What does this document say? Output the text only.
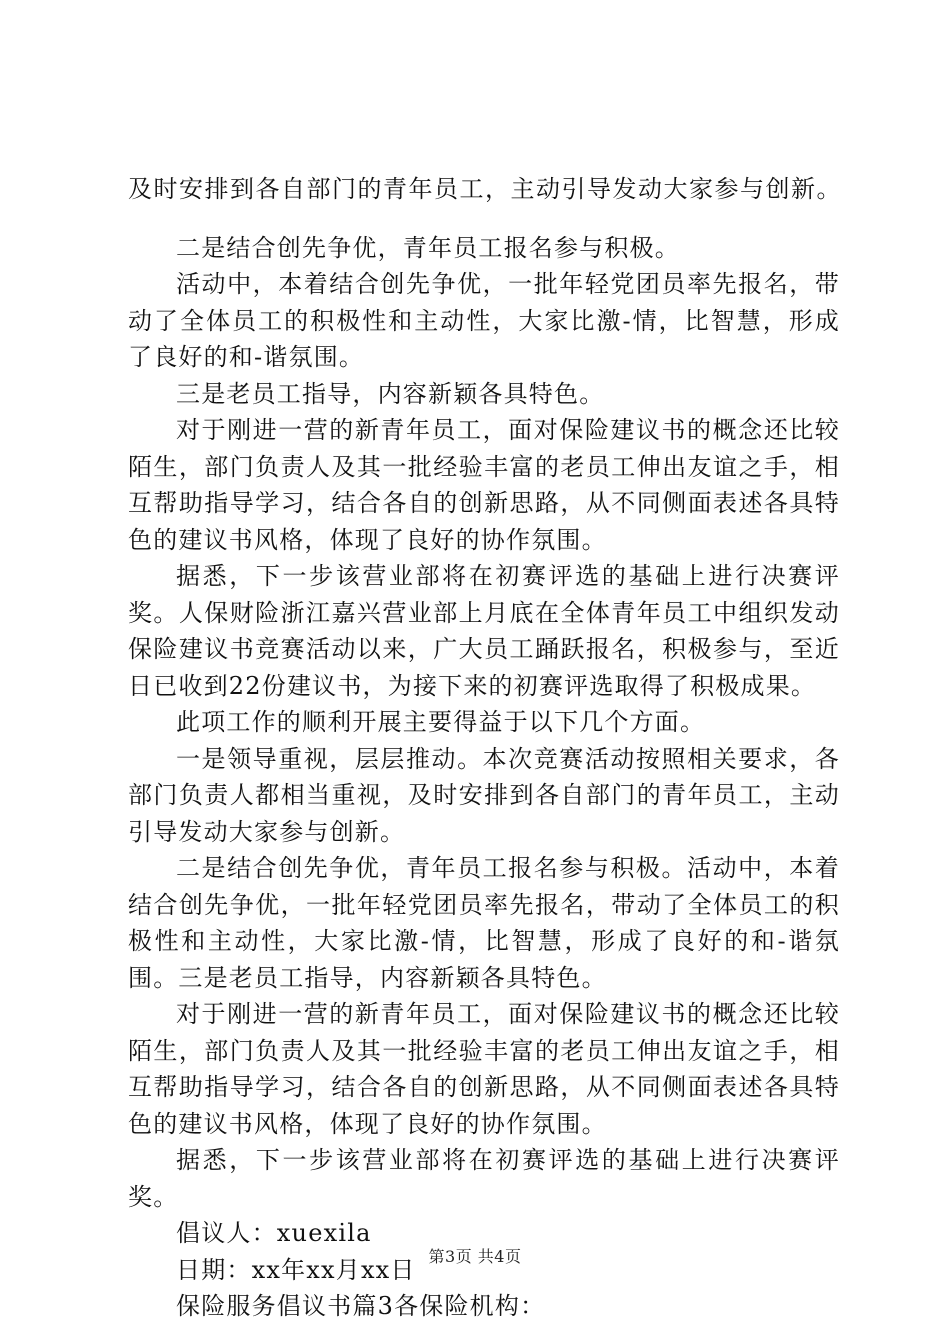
及时安排到各自部门的青年员工，主动引导发动大家参与创新。

二是结合创先争优，青年员工报名参与积极。

活动中，本着结合创先争优，一批年轻党团员率先报名，带动了全体员工的积极性和主动性，大家比激-情，比智慧，形成了良好的和-谐氛围。

三是老员工指导，内容新颖各具特色。

对于刚进一营的新青年员工，面对保险建议书的概念还比较陌生，部门负责人及其一批经验丰富的老员工伸出友谊之手，相互帮助指导学习，结合各自的创新思路，从不同侧面表述各具特色的建议书风格，体现了良好的协作氛围。

据悉，下一步该营业部将在初赛评选的基础上进行决赛评奖。人保财险浙江嘉兴营业部上月底在全体青年员工中组织发动保险建议书竞赛活动以来，广大员工踊跃报名，积极参与，至近日已收到22份建议书，为接下来的初赛评选取得了积极成果。

此项工作的顺利开展主要得益于以下几个方面。

一是领导重视，层层推动。本次竞赛活动按照相关要求，各部门负责人都相当重视，及时安排到各自部门的青年员工，主动引导发动大家参与创新。

二是结合创先争优，青年员工报名参与积极。活动中，本着结合创先争优，一批年轻党团员率先报名，带动了全体员工的积极性和主动性，大家比激-情，比智慧，形成了良好的和-谐氛围。三是老员工指导，内容新颖各具特色。

对于刚进一营的新青年员工，面对保险建议书的概念还比较陌生，部门负责人及其一批经验丰富的老员工伸出友谊之手，相互帮助指导学习，结合各自的创新思路，从不同侧面表述各具特色的建议书风格，体现了良好的协作氛围。

据悉，下一步该营业部将在初赛评选的基础上进行决赛评奖。

倡议人：xuexila

日期：xx年xx月xx日

保险服务倡议书篇3各保险机构：

第3页 共4页
